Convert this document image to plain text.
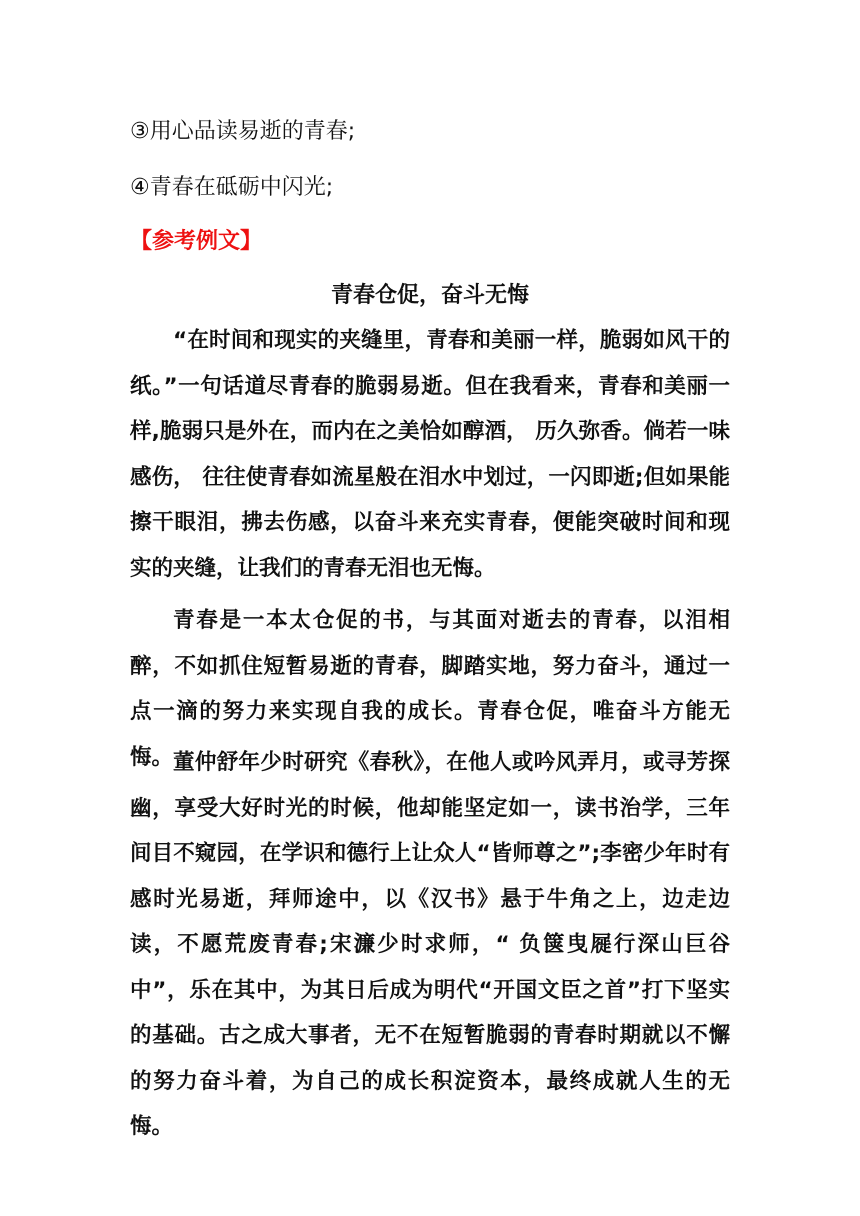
③用心品读易逝的青春;

④青春在砥砺中闪光;

【参考例文】

青春仓促，奋斗无悔

“在时间和现实的夹缝里，青春和美丽一样，脆弱如风干的纸。”一句话道尽青春的脆弱易逝。但在我看来，青春和美丽一样,脆弱只是外在，而内在之美恰如醇酒， 历久弥香。倘若一味感伤， 往往使青春如流星般在泪水中划过，一闪即逝;但如果能擦干眼泪，拂去伤感，以奋斗来充实青春，便能突破时间和现实的夹缝，让我们的青春无泪也无悔。

青春是一本太仓促的书，与其面对逝去的青春，以泪相醉，不如抓住短暂易逝的青春，脚踏实地，努力奋斗，通过一点一滴的努力来实现自我的成长。青春仓促，唯奋斗方能无悔。 董仲舒年少时研究《春秋》，在他人或吟风弄月，或寻芳探幽，享受大好时光的时候，他却能坚定如一，读书治学，三年间目不窥园，在学识和德行上让众人“皆师尊之”;李密少年时有感时光易逝，拜师途中，以《汉书》悬于牛角之上，边走边读，不愿荒废青春;宋濂少时求师，“ 负箧曳屣行深山巨谷中”，乐在其中，为其日后成为明代“开国文臣之首”打下坚实的基础。古之成大事者，无不在短暂脆弱的青春时期就以不懈的努力奋斗着，为自己的成长积淀资本，最终成就人生的无悔。
